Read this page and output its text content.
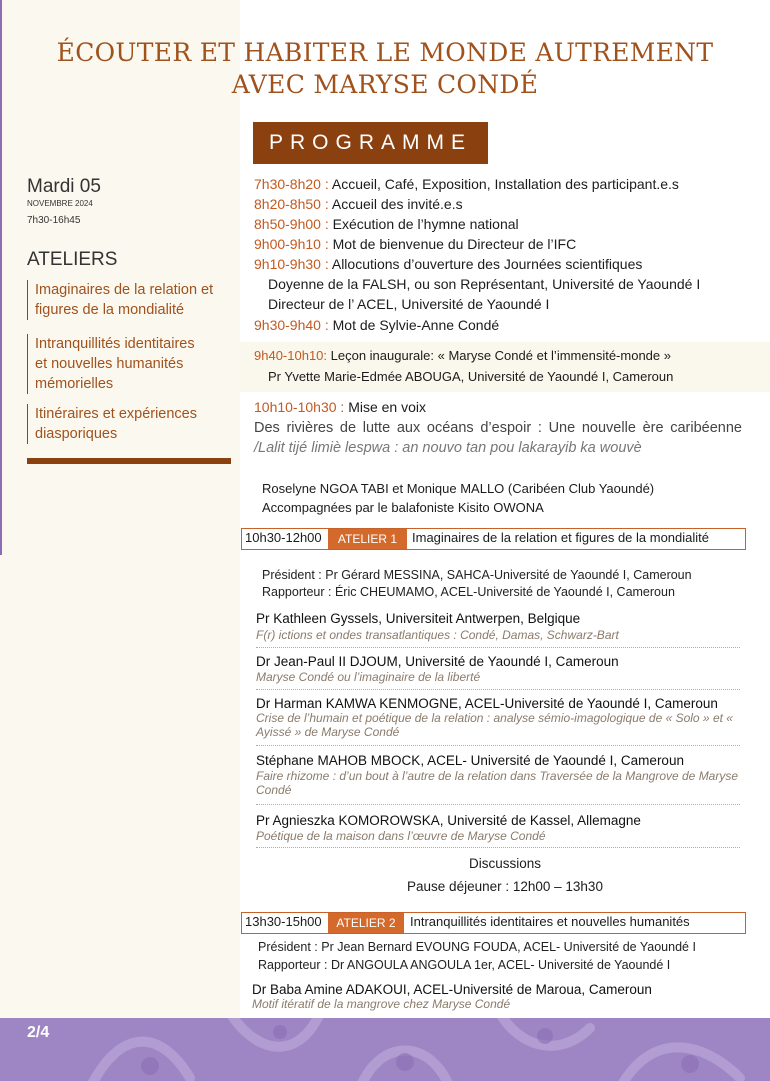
ÉCOUTER ET HABITER LE MONDE AUTREMENT
AVEC MARYSE CONDÉ
PROGRAMME
Mardi 05
NOVEMBRE 2024
7h30-16h45
ATELIERS
Imaginaires de la relation et
figures de la mondialité
Intranquillités identitaires
et nouvelles humanités
mémorielles
Itinéraires et expériences
diasporiques
7h30-8h20 : Accueil, Café, Exposition, Installation des participant.e.s
8h20-8h50 : Accueil des invité.e.s
8h50-9h00 : Exécution de l’hymne national
9h00-9h10 : Mot de bienvenue du Directeur de l’IFC
9h10-9h30 : Allocutions d’ouverture des Journées scientifiques
Doyenne de la FALSH, ou son Représentant, Université de Yaoundé I
Directeur de l’ ACEL, Université de Yaoundé I
9h30-9h40 : Mot de Sylvie-Anne Condé
9h40-10h10: Leçon inaugurale: « Maryse Condé et l’immensité-monde »
Pr Yvette Marie-Edmée ABOUGA, Université de Yaoundé I, Cameroun
10h10-10h30 : Mise en voix
Des rivières de lutte aux océans d’espoir : Une nouvelle ère caribéenne /Lalit tijé limiè lespwa : an nouvo tan pou lakarayib ka wouvè
Roselyne NGOA TABI et Monique MALLO (Caribéen Club Yaoundé)
Accompagnées par le balafoniste Kisito OWONA
10h30-12h00	ATELIER 1	Imaginaires de la relation et figures de la mondialité
Président : Pr Gérard MESSINA, SAHCA-Université de Yaoundé I, Cameroun
Rapporteur : Éric CHEUMAMO, ACEL-Université de Yaoundé I, Cameroun
Pr Kathleen Gyssels, Universiteit Antwerpen, Belgique
F(r) ictions et ondes transatlantiques : Condé, Damas, Schwarz-Bart
Dr Jean-Paul II DJOUM, Université de Yaoundé I, Cameroun
Maryse Condé ou l’imaginaire de la liberté
Dr Harman KAMWA KENMOGNE, ACEL-Université de Yaoundé I, Cameroun
Crise de l’humain et poétique de la relation : analyse sémio-imagologique de « Solo » et « Ayissé » de Maryse Condé
Stéphane MAHOB MBOCK, ACEL- Université de Yaoundé I, Cameroun
Faire rhizome : d’un bout à l’autre de la relation dans Traversée de la Mangrove de Maryse Condé
Pr Agnieszka KOMOROWSKA, Université de Kassel, Allemagne
Poétique de la maison dans l’œuvre de Maryse Condé
Discussions
Pause déjeuner : 12h00 – 13h30
13h30-15h00	ATELIER 2	Intranquillités identitaires et nouvelles humanités
Président : Pr Jean Bernard EVOUNG FOUDA, ACEL- Université de Yaoundé I
Rapporteur : Dr ANGOULA ANGOULA 1er, ACEL- Université de Yaoundé I
Dr Baba Amine ADAKOUI, ACEL-Université de Maroua, Cameroun
Motif itératif de la mangrove chez Maryse Condé
2/4
